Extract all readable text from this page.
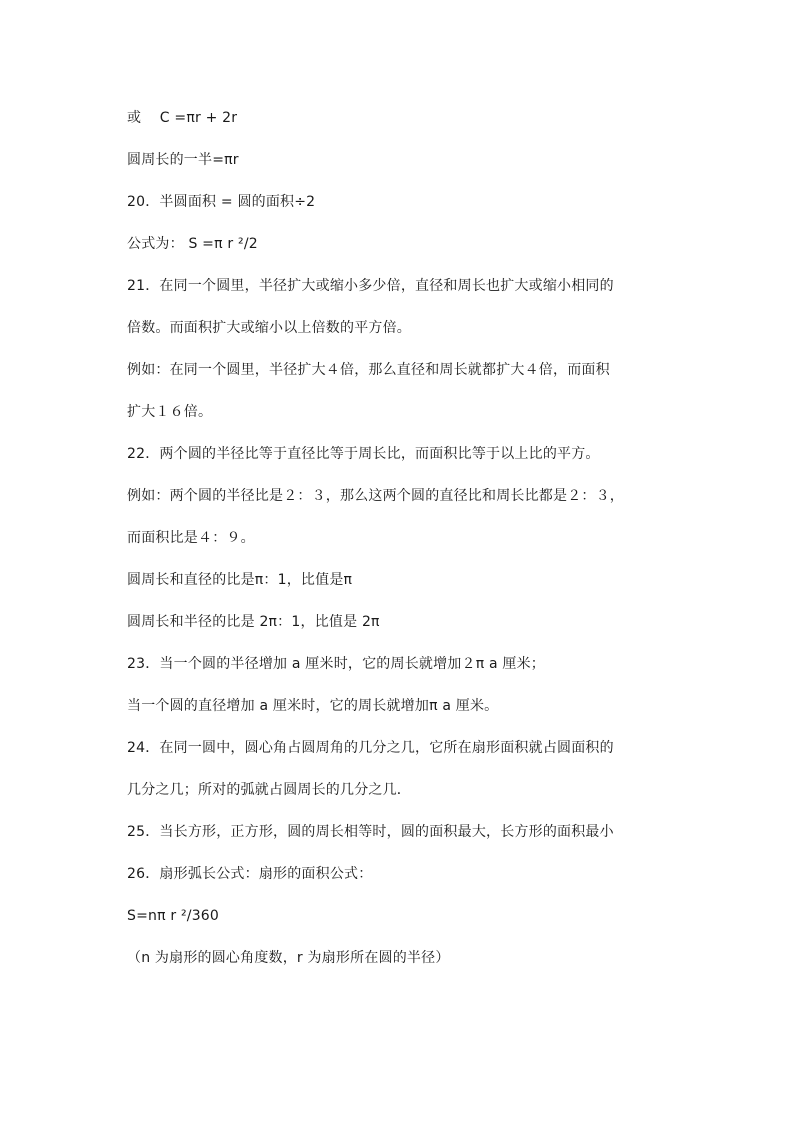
或    C =πr + 2r
圆周长的一半=πr
20．半圆面积 = 圆的面积÷2
公式为： S =π r ²/2
21．在同一个圆里，半径扩大或缩小多少倍，直径和周长也扩大或缩小相同的
倍数。而面积扩大或缩小以上倍数的平方倍。
例如：在同一个圆里，半径扩大４倍，那么直径和周长就都扩大４倍，而面积
扩大１６倍。
22．两个圆的半径比等于直径比等于周长比，而面积比等于以上比的平方。
例如：两个圆的半径比是２：３，那么这两个圆的直径比和周长比都是２：３，
而面积比是４：９。
圆周长和直径的比是π：1，比值是π
圆周长和半径的比是 2π：1，比值是 2π
23．当一个圆的半径增加 a 厘米时，它的周长就增加２π a 厘米；
当一个圆的直径增加 a 厘米时，它的周长就增加π a 厘米。
24．在同一圆中，圆心角占圆周角的几分之几，它所在扇形面积就占圆面积的
几分之几；所对的弧就占圆周长的几分之几．
25．当长方形，正方形，圆的周长相等时，圆的面积最大，长方形的面积最小
26．扇形弧长公式：扇形的面积公式：
S=nπ r ²/360
（n 为扇形的圆心角度数，r 为扇形所在圆的半径）
